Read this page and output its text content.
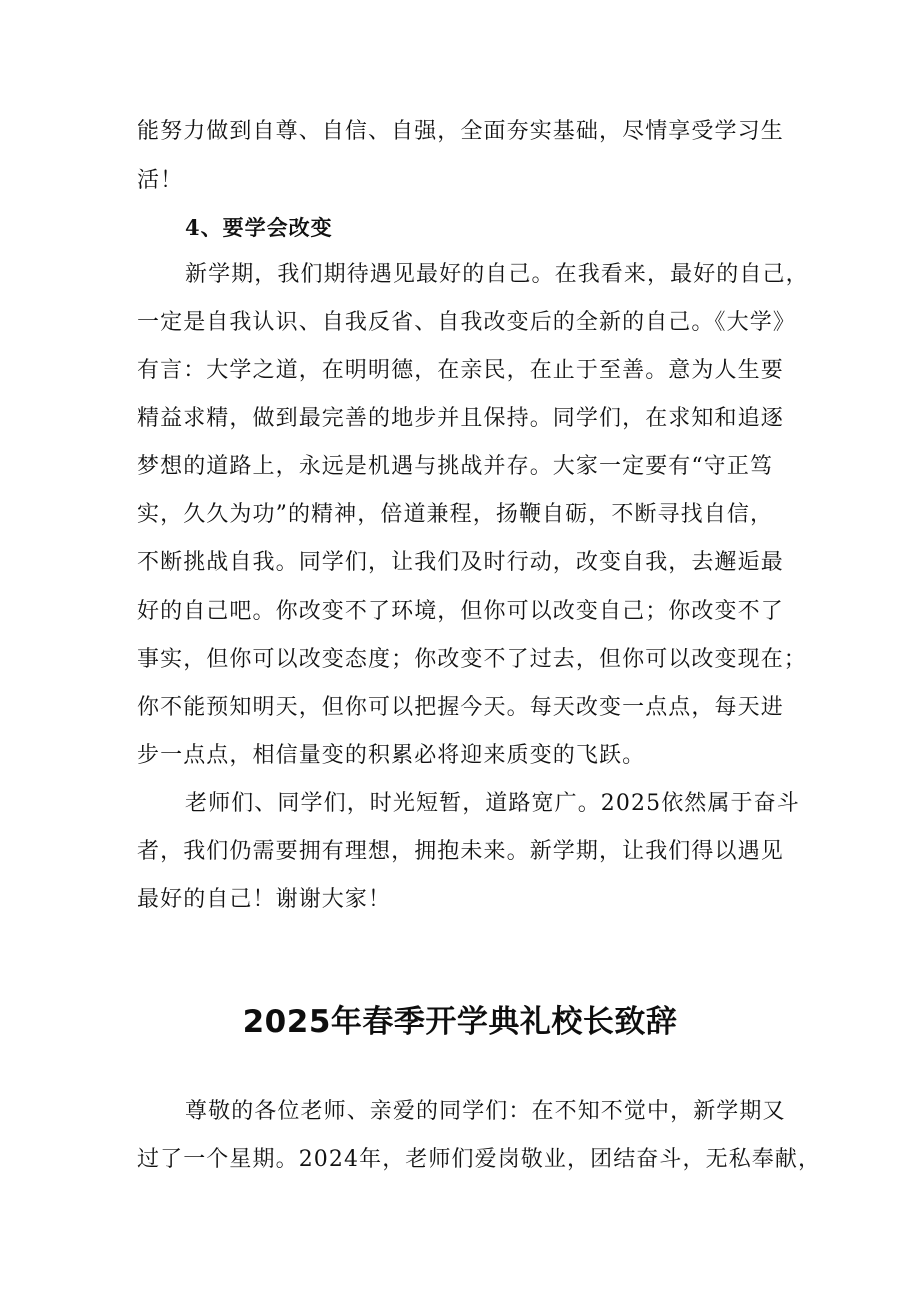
能努力做到自尊、自信、自强，全面夯实基础，尽情享受学习生

活！

4、要学会改变

新学期，我们期待遇见最好的自己。在我看来，最好的自己，

一定是自我认识、自我反省、自我改变后的全新的自己。《大学》

有言：大学之道，在明明德，在亲民，在止于至善。意为人生要

精益求精，做到最完善的地步并且保持。同学们，在求知和追逐

梦想的道路上，永远是机遇与挑战并存。大家一定要有“守正笃

实，久久为功”的精神，倍道兼程，扬鞭自砺，不断寻找自信，

不断挑战自我。同学们，让我们及时行动，改变自我，去邂逅最

好的自己吧。你改变不了环境，但你可以改变自己；你改变不了

事实，但你可以改变态度；你改变不了过去，但你可以改变现在；

你不能预知明天，但你可以把握今天。每天改变一点点，每天进

步一点点，相信量变的积累必将迎来质变的飞跃。

老师们、同学们，时光短暂，道路宽广。2025依然属于奋斗

者，我们仍需要拥有理想，拥抱未来。新学期，让我们得以遇见

最好的自己！谢谢大家！

2025年春季开学典礼校长致辞

尊敬的各位老师、亲爱的同学们：在不知不觉中，新学期又

过了一个星期。2024年，老师们爱岗敬业，团结奋斗，无私奉献，
